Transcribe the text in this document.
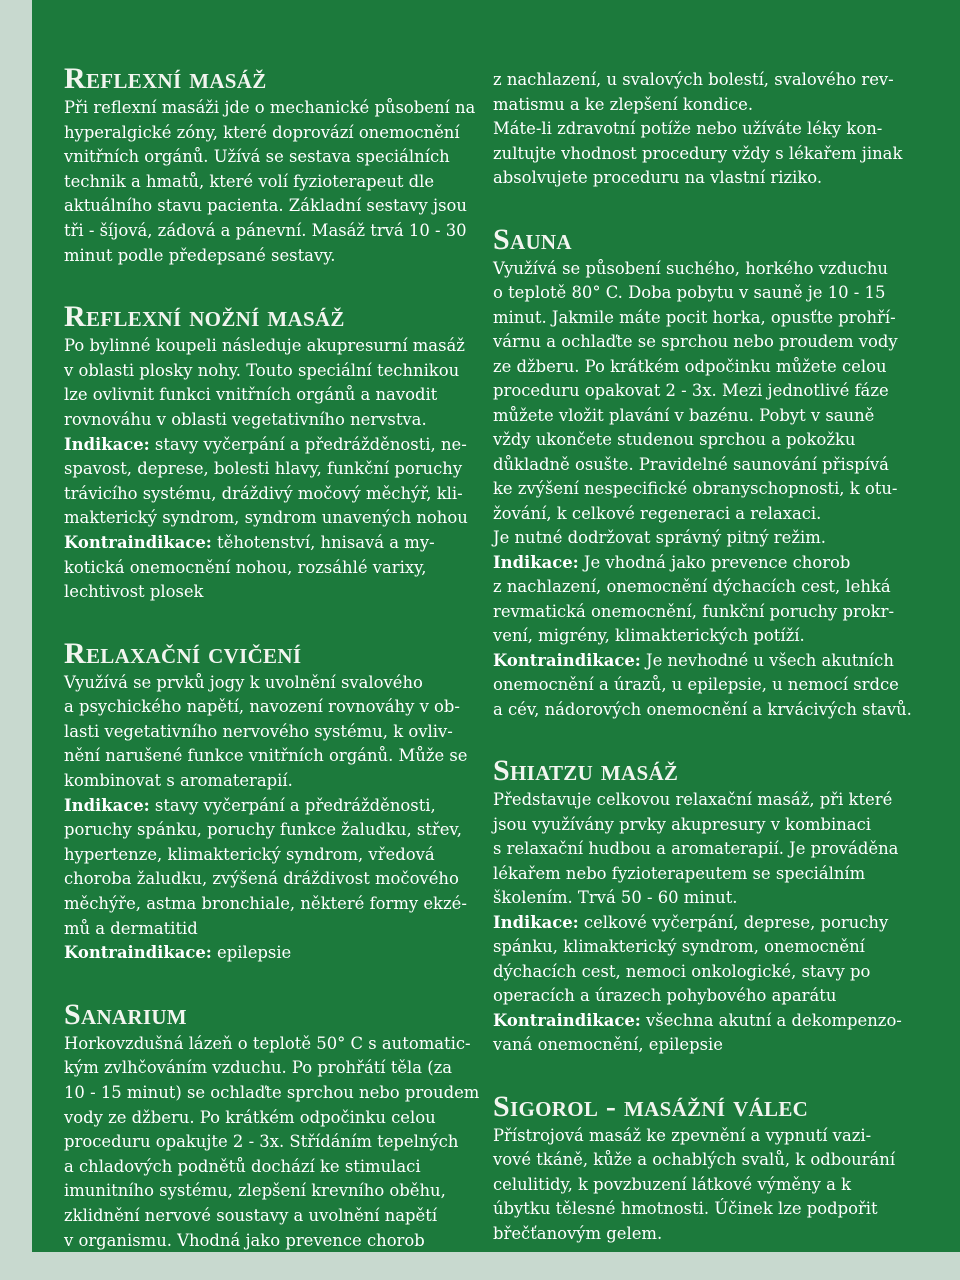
Reflexní masáž
Při reflexní masáži jde o mechanické působení na
hyperalgické zóny, které doprovází onemocnění
vnitřních orgánů. Užívá se sestava speciálních
technik a hmatů, které volí fyzioterapeut dle
aktuálního stavu pacienta. Základní sestavy jsou
tři - šíjová, zádová a pánevní. Masáž trvá 10 - 30
minut podle předepsané sestavy.
Reflexní nožní masáž
Po bylinné koupeli následuje akupresurní masáž
v oblasti plosky nohy. Touto speciální technikou
lze ovlivnit funkci vnitřních orgánů a navodit
rovnováhu v oblasti vegetativního nervstva.
Indikace: stavy vyčerpání a předrážděnosti, ne-
spavost, deprese, bolesti hlavy, funkční poruchy
trávicího systému, dráždivý močový měchýř, kli-
makterický syndrom, syndrom unavených nohou
Kontraindikace: těhotenství, hnisavá a my-
kotická onemocnění nohou, rozsáhlé varixy,
lechtivost plosek
Relaxační cvičení
Využívá se prvků jogy k uvolnění svalového
a psychického napětí, navození rovnováhy v ob-
lasti vegetativního nervového systému, k ovliv-
nění narušené funkce vnitřních orgánů. Může se
kombinovat s aromaterapií.
Indikace: stavy vyčerpání a předrážděnosti,
poruchy spánku, poruchy funkce žaludku, střev,
hypertenze, klimakterický syndrom, vředová
choroba žaludku, zvýšená dráždivost močového
měchýře, astma bronchiale, některé formy ekzé-
mů a dermatitid
Kontraindikace: epilepsie
Sanarium
Horkovzdušná lázeň o teplotě 50° C s automatic-
kým zvlhčováním vzduchu. Po prohřátí těla (za
10 - 15 minut) se ochlaďte sprchou nebo proudem
vody ze džberu. Po krátkém odpočinku celou
proceduru opakujte 2 - 3x. Střídáním tepelných
a chladových podnětů dochází ke stimulaci
imunitního systému, zlepšení krevního oběhu,
zklidnění nervové soustavy a uvolnění napětí
v organismu. Vhodná jako prevence chorob
z nachlazení, u svalových bolestí, svalového rev-
matismu a ke zlepšení kondice.
Máte-li zdravotní potíže nebo užíváte léky kon-
zultujte vhodnost procedury vždy s lékařem jinak
absolvujete proceduru na vlastní riziko.
Sauna
Využívá se působení suchého, horkého vzduchu
o teplotě 80° C. Doba pobytu v sauně je 10 - 15
minut. Jakmile máte pocit horka, opusťte prohří-
várnu a ochlaďte se sprchou nebo proudem vody
ze džberu. Po krátkém odpočinku můžete celou
proceduru opakovat 2 - 3x. Mezi jednotlivé fáze
můžete vložit plavání v bazénu. Pobyt v sauně
vždy ukončete studenou sprchou a pokožku
důkladně osušte. Pravidelné saunování přispívá
ke zvýšení nespecifické obranyschopnosti, k otu-
žování, k celkové regeneraci a relaxaci.
Je nutné dodržovat správný pitný režim.
Indikace: Je vhodná jako prevence chorob
z nachlazení, onemocnění dýchacích cest, lehká
revmatická onemocnění, funkční poruchy prokr-
vení, migrény, klimakterických potíží.
Kontraindikace: Je nevhodné u všech akutních
onemocnění a úrazů, u epilepsie, u nemocí srdce
a cév, nádorových onemocnění a krvácivých stavů.
Shiatzu masáž
Představuje celkovou relaxační masáž, při které
jsou využívány prvky akupresury v kombinaci
s relaxační hudbou a aromaterapií. Je prováděna
lékařem nebo fyzioterapeutem se speciálním
školením. Trvá 50 - 60 minut.
Indikace: celkové vyčerpání, deprese, poruchy
spánku, klimakterický syndrom, onemocnění
dýchacích cest, nemoci onkologické, stavy po
operacích a úrazech pohybového aparátu
Kontraindikace: všechna akutní a dekompenzo-
vaná onemocnění, epilepsie
Sigorol - masážní válec
Přístrojová masáž ke zpevnění a vypnutí vazi-
vové tkáně, kůže a ochablých svalů, k odbourání
celulitidy, k povzbuzení látkové výměny a k
úbytku tělesné hmotnosti. Účinek lze podpořit
břečťanovým gelem.
